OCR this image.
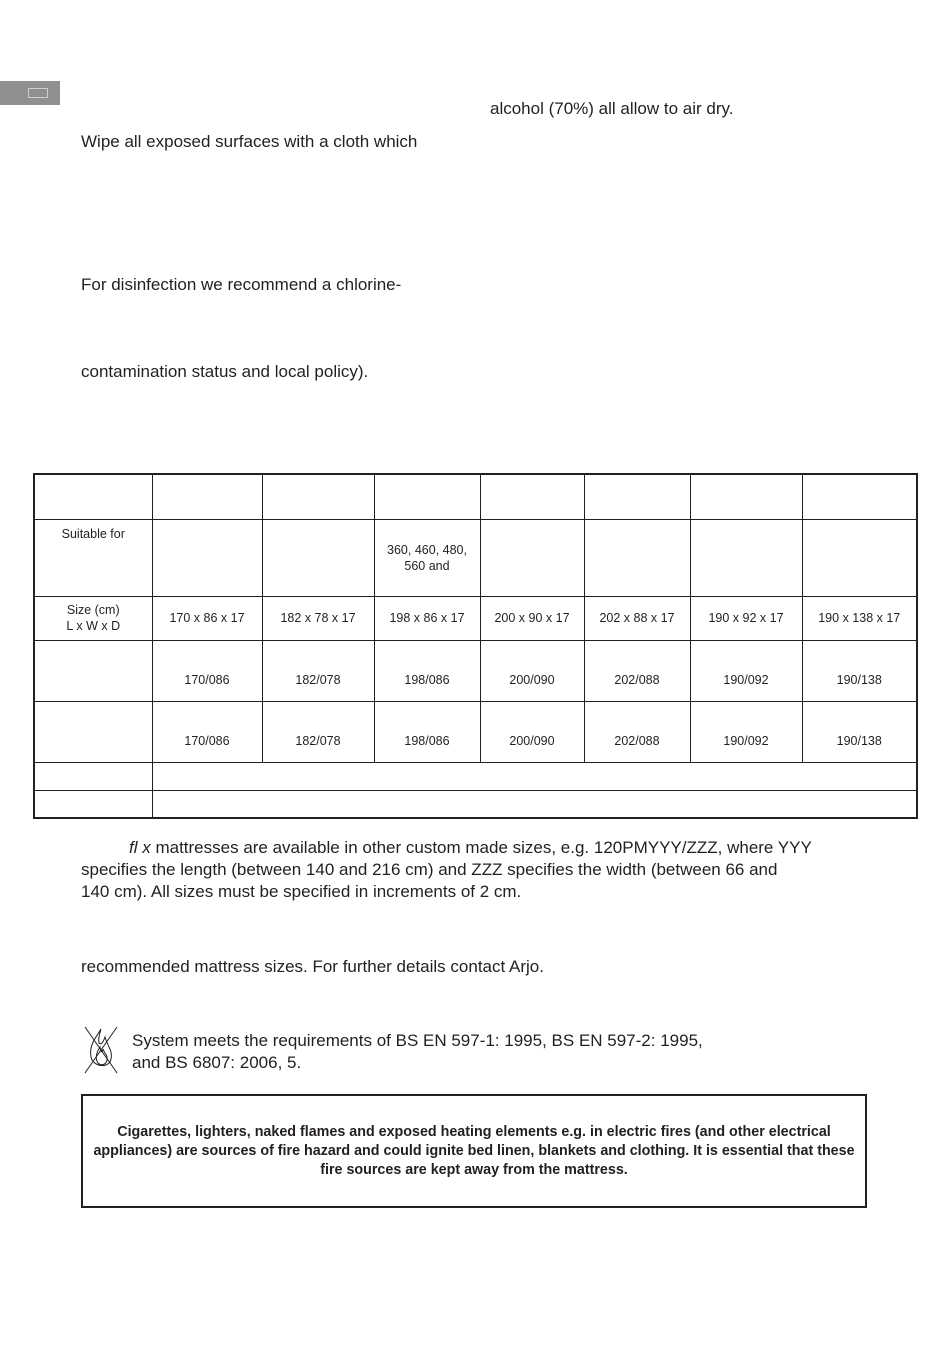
alcohol (70%) all allow to air dry.
Wipe all exposed surfaces with a cloth which
For disinfection we recommend a chlorine-
contamination status and local policy).

Suitable for			360, 460, 480, 560 and				

Size (cm)
L x W x D	170 x 86 x 17	182 x 78 x 17	198 x 86 x 17	200 x 90 x 17	202 x 88 x 17	190 x 92 x 17	190 x 138 x 17
	170/086	182/078	198/086	200/090	202/088	190/092	190/138
	170/086	182/078	198/086	200/090	202/088	190/092	190/138

fl x mattresses are available in other custom made sizes, e.g. 120PMYYY/ZZZ, where YYY
specifies the length (between 140 and 216 cm) and ZZZ specifies the width (between 66 and
140 cm). All sizes must be specified in increments of 2 cm.
recommended mattress sizes. For further details contact Arjo.
System meets the requirements of BS EN 597-1: 1995, BS EN 597-2: 1995,
and BS 6807: 2006, 5.
Cigarettes, lighters, naked flames and exposed heating elements e.g. in electric fires (and other electrical appliances) are sources of fire hazard and could ignite bed linen, blankets and clothing. It is essential that these fire sources are kept away from the mattress.
